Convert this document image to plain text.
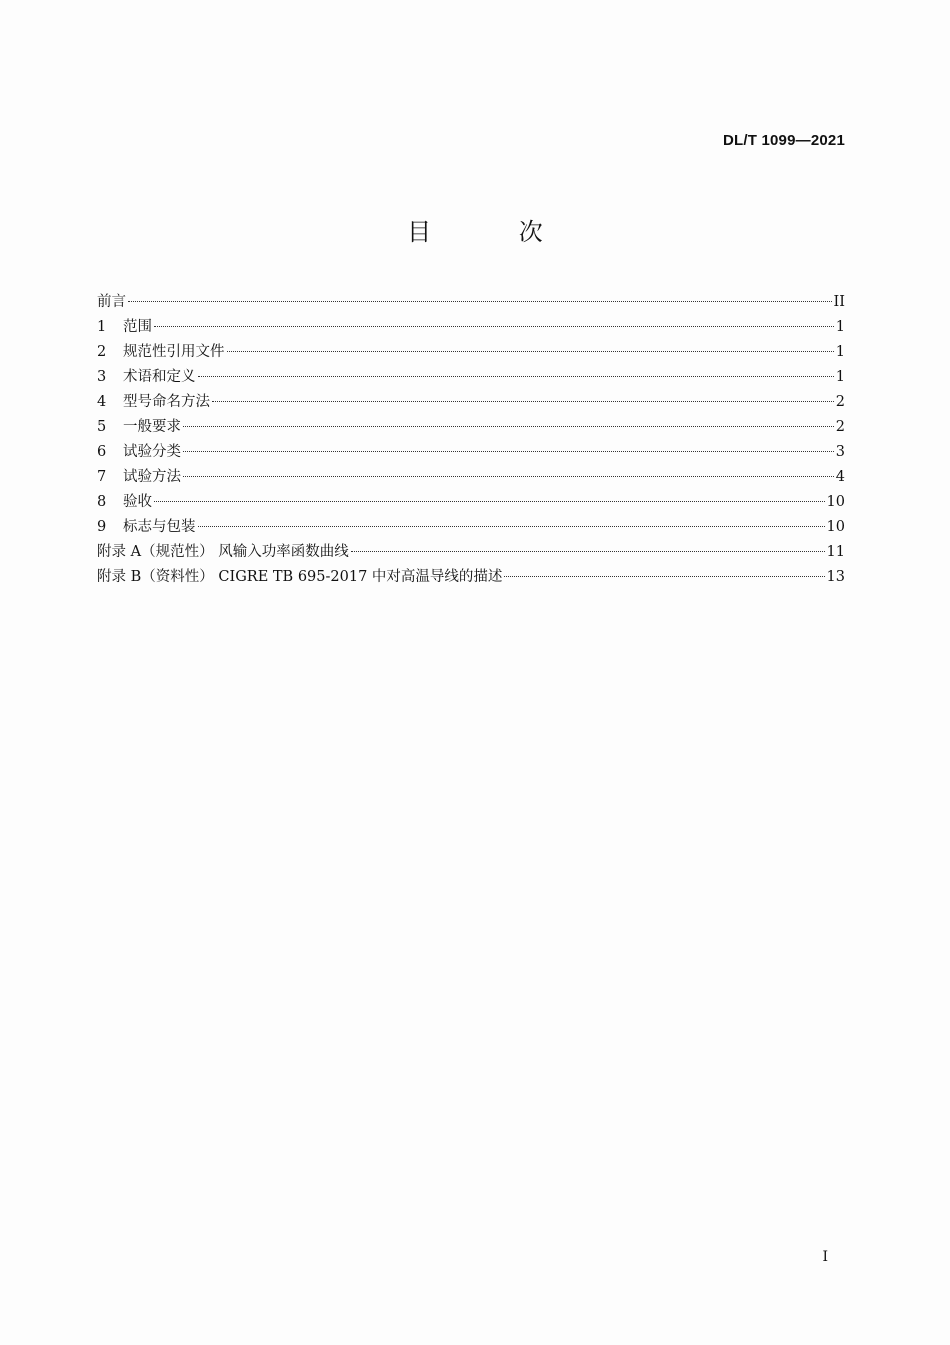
DL/T 1099—2021
目 次
前言	II
1	范围	1
2	规范性引用文件	1
3	术语和定义	1
4	型号命名方法	2
5	一般要求	2
6	试验分类	3
7	试验方法	4
8	验收	10
9	标志与包装	10
附录 A（规范性） 风输入功率函数曲线	11
附录 B（资料性） CIGRE TB 695-2017 中对高温导线的描述	13
I
